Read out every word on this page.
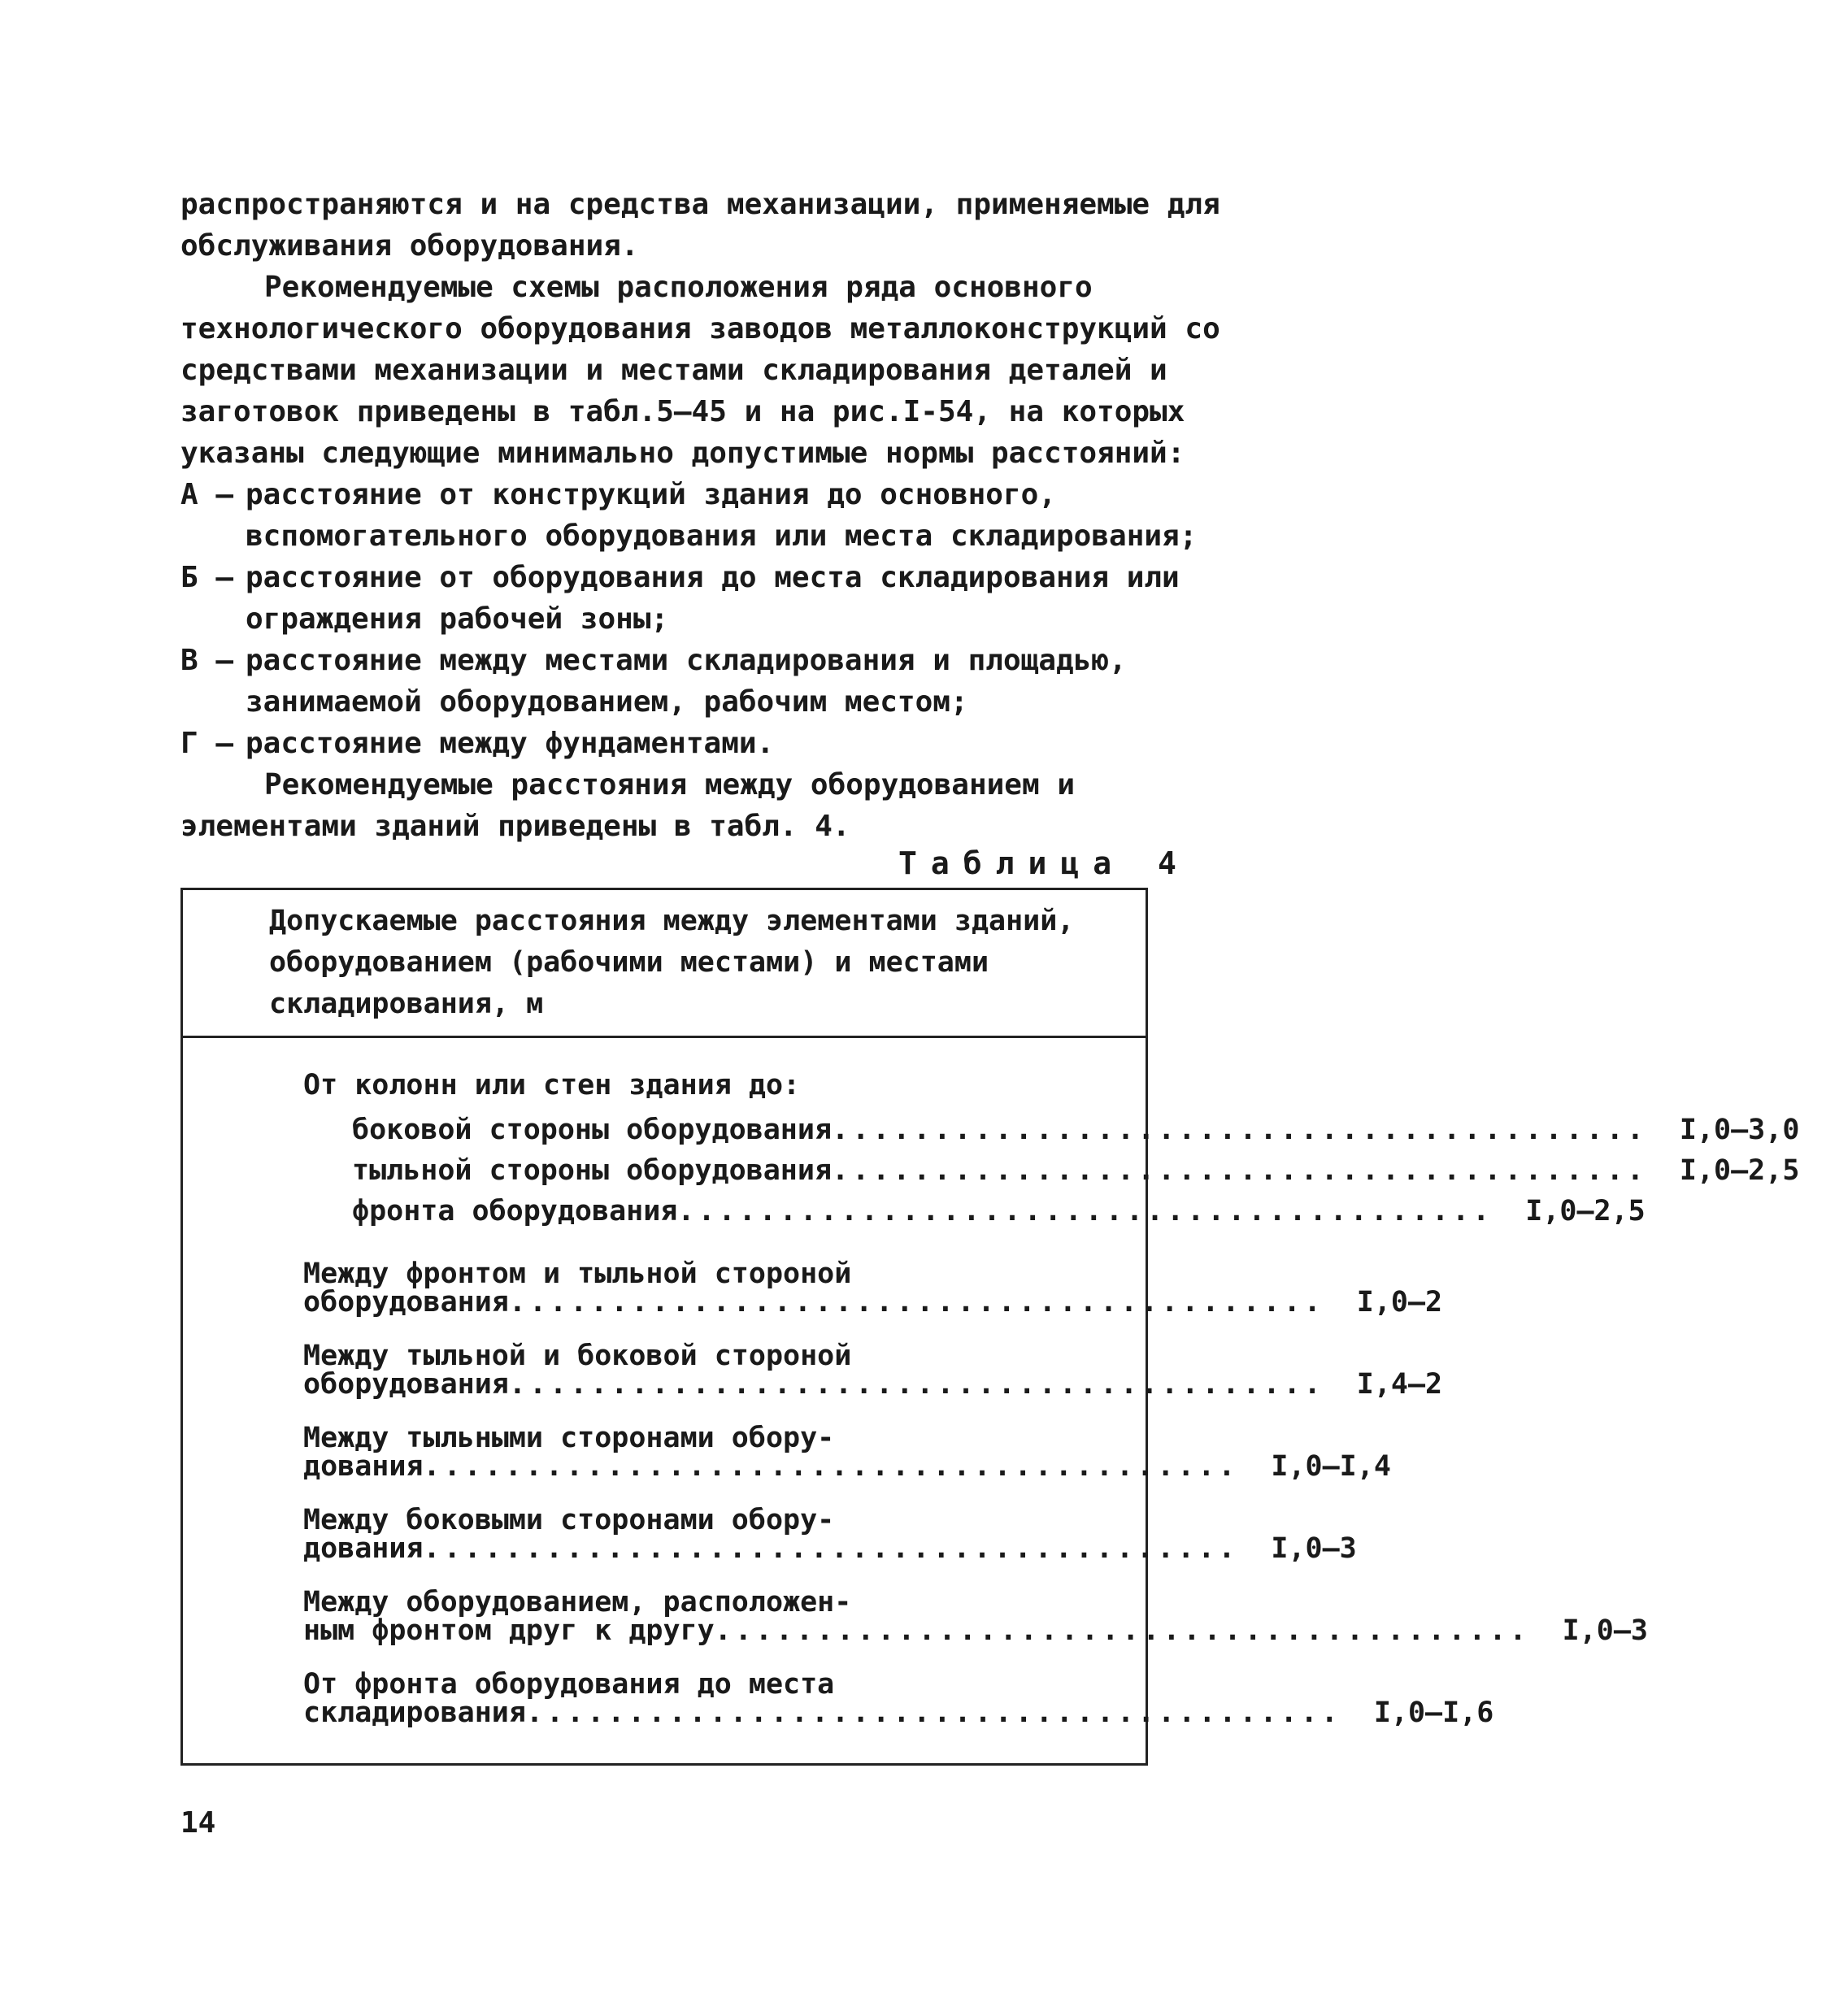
распространяются и на средства механизации, применяемые для обслуживания оборудования.

Рекомендуемые схемы расположения ряда основного технологического оборудования заводов металлоконструкций со средствами механизации и местами складирования деталей и заготовок приведены в табл.5–45 и на рис.I-54, на которых указаны следующие минимально допустимые нормы расстояний:

А – расстояние от конструкций здания до основного, вспомогательного оборудования или места складирования;
Б – расстояние от оборудования до места складирования или ограждения рабочей зоны;
В – расстояние между местами складирования и площадью, занимаемой оборудованием, рабочим местом;
Г – расстояние между фундаментами.

Рекомендуемые расстояния между оборудованием и элементами зданий приведены в табл. 4.

Таблица 4
Допускаемые расстояния между элементами зданий, оборудованием (рабочими местами) и местами складирования, м
От колонн или стен здания до:
боковой стороны оборудования ........................................	I,0–3,0
тыльной стороны оборудования ........................................	I,0–2,5
фронта оборудования ........................................	I,0–2,5
Между фронтом и тыльной стороной
оборудования ........................................	I,0–2
Между тыльной и боковой стороной
оборудования ........................................	I,4–2
Между тыльными сторонами обору-
дования ........................................	I,0–I,4
Между боковыми сторонами обору-
дования ........................................	I,0–3
Между оборудованием, расположен-
ным фронтом друг к другу ........................................	I,0–3
От фронта оборудования до места
складирования ........................................	I,0–I,6
14
